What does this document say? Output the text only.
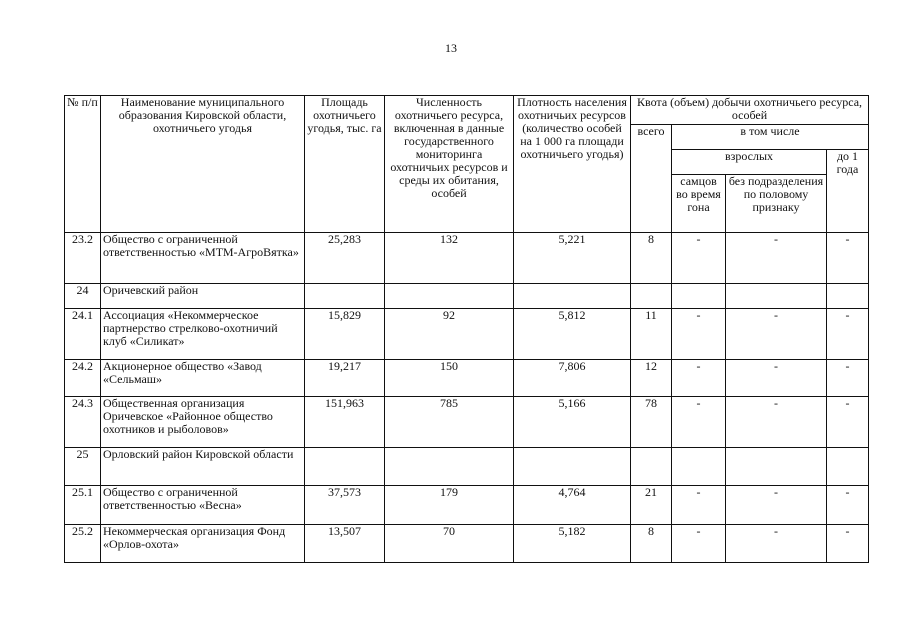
13
№ п/п	Наименование муниципального образования Кировской области, охотничьего угодья	Площадь охотничьего угодья, тыс. га	Численность охотничьего ресурса, включенная в данные государственного мониторинга охотничьих ресурсов и среды их обитания, особей	Плотность населения охотничьих ресурсов (количество особей на 1 000 га площади охотничьего угодья)	Квота (объем) добычи охотничьего ресурса, особей			
					всего	в том числе		
						взрослых		до 1 года
						самцов во время гона	без подразделения по половому признаку	
23.2	Общество с ограниченной ответственностью «МТМ-АгроВятка»	25,283	132	5,221	8	-	-	-
24	Оричевский район							
24.1	Ассоциация «Некоммерческое партнерство стрелково-охотничий клуб «Силикат»	15,829	92	5,812	11	-	-	-
24.2	Акционерное общество «Завод «Сельмаш»	19,217	150	7,806	12	-	-	-
24.3	Общественная организация Оричевское «Районное общество охотников и рыболовов»	151,963	785	5,166	78	-	-	-
25	Орловский район Кировской области							
25.1	Общество с ограниченной ответственностью «Весна»	37,573	179	4,764	21	-	-	-
25.2	Некоммерческая организация Фонд «Орлов-охота»	13,507	70	5,182	8	-	-	-
